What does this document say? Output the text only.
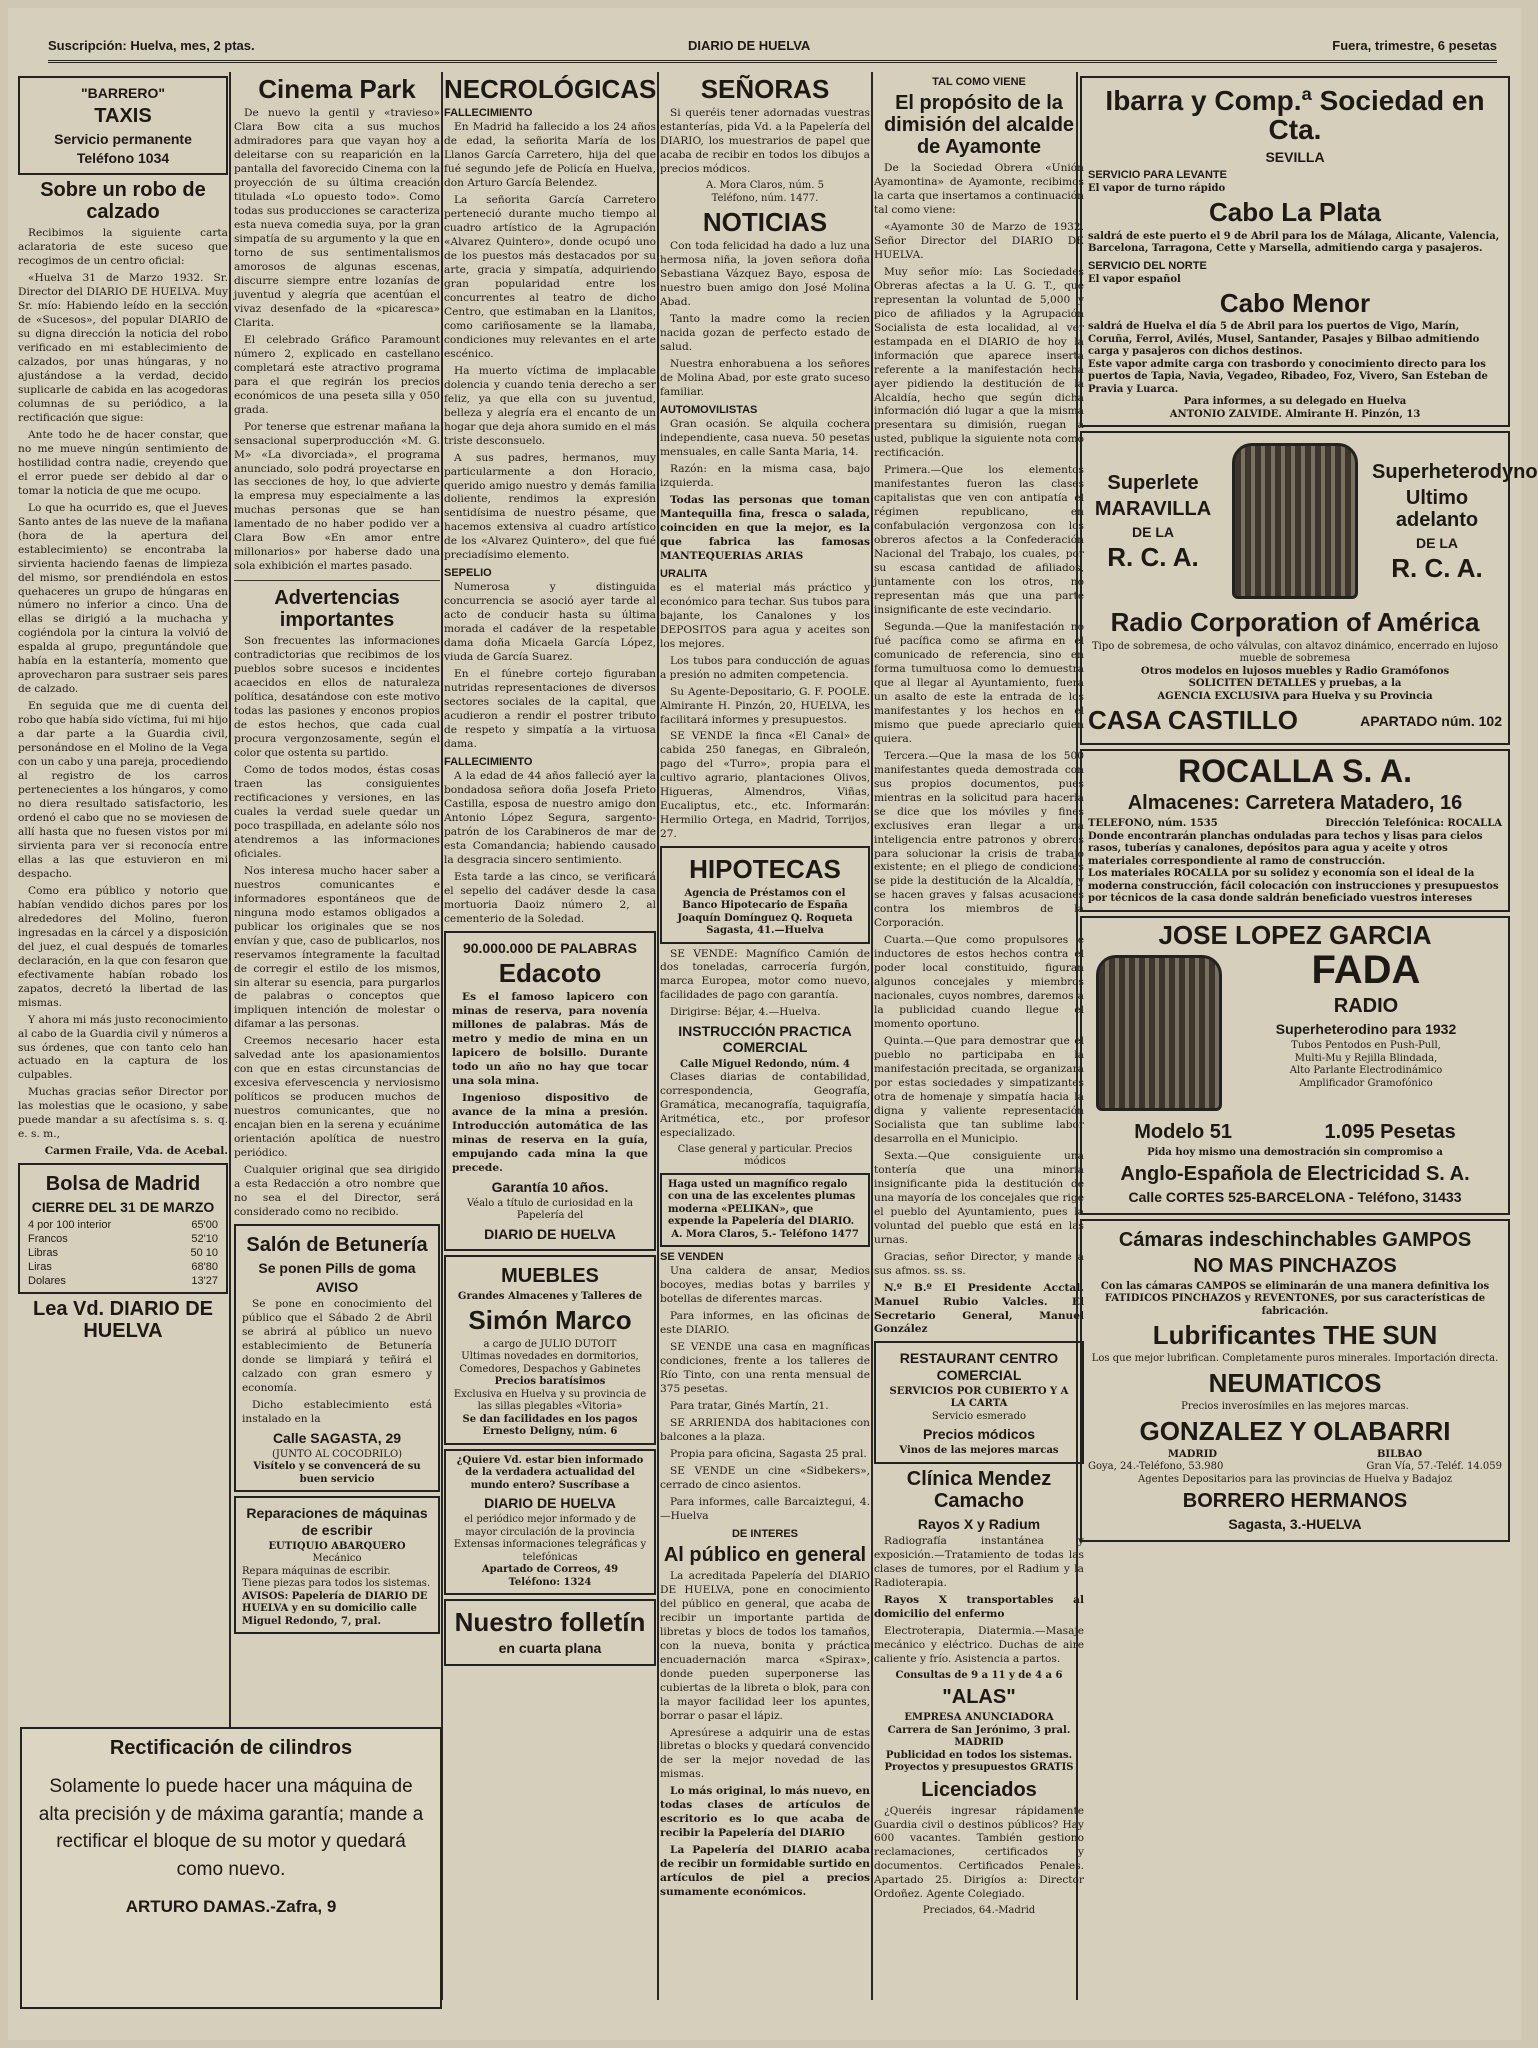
Suscripción: Huelva, mes, 2 ptas.	DIARIO DE HUELVA	Fuera, trimestre, 6 pesetas
"BARRERO"
TAXIS
Servicio permanente
Teléfono 1034
Sobre un robo de calzado

Recibimos la siguiente carta aclaratoria de este suceso que recogimos de un centro oficial:

«Huelva 31 de Marzo 1932. Sr. Director del DIARIO DE HUELVA. Muy Sr. mío: Habiendo leído en la sección de «Sucesos», del popular DIARIO de su digna dirección la noticia del robo verificado en mi establecimiento de calzados, por unas húngaras, y no ajustándose a la verdad, decido suplicarle de cabida en las acogedoras columnas de su periódico, a la rectificación que sigue:

Ante todo he de hacer constar, que no me mueve ningún sentimiento de hostilidad contra nadie, creyendo que el error puede ser debido al dar o tomar la noticia de que me ocupo.

Lo que ha ocurrido es, que el Jueves Santo antes de las nueve de la mañana (hora de la apertura del establecimiento) se encontraba la sirvienta haciendo faenas de limpieza del mismo, sor prendiéndola en estos quehaceres un grupo de húngaras en número no inferior a cinco. Una de ellas se dirigió a la muchacha y cogiéndola por la cintura la volvió de espalda al grupo, preguntándole que había en la estantería, momento que aprovecharon para sustraer seis pares de calzado.

En seguida que me di cuenta del robo que había sido víctima, fui mi hijo a dar parte a la Guardia civil, personándose en el Molino de la Vega con un cabo y una pareja, procediendo al registro de los carros pertenecientes a los húngaros, y como no diera resultado satisfactorio, les ordenó el cabo que no se moviesen de allí hasta que no fuesen vistos por mi sirvienta para ver si reconocía entre ellas a las que estuvieron en mi despacho.

Como era público y notorio que habían vendido dichos pares por los alrededores del Molino, fueron ingresadas en la cárcel y a disposición del juez, el cual después de tomarles declaración, en la que con fesaron que efectivamente habían robado los zapatos, decretó la libertad de las mismas.

Y ahora mi más justo reconocimiento al cabo de la Guardia civil y números a sus órdenes, que con tanto celo han actuado en la captura de los culpables.

Muchas gracias señor Director por las molestias que le ocasiono, y sabe puede mandar a su afectísima s. s. q. e. s. m.,

Carmen Fraile, Vda. de Acebal.

Bolsa de Madrid
CIERRE DEL 31 DE MARZO
4 por 100 interior	65'00
Francos	52'10
Libras	50 10
Liras	68'80
Dolares	13'27
Lea Vd. DIARIO DE HUELVA
Cinema Park

De nuevo la gentil y «travieso» Clara Bow cita a sus muchos admiradores para que vayan hoy a deleitarse con su reaparición en la pantalla del favorecido Cinema con la proyección de su última creación titulada «Lo opuesto todo». Como todas sus producciones se caracteriza esta nueva comedia suya, por la gran simpatía de su argumento y la que en torno de sus sentimentalismos amorosos de algunas escenas, discurre siempre entre lozanías de juventud y alegría que acentúan el vivaz desenfado de la «picaresca» Clarita.

El celebrado Gráfico Paramount número 2, explicado en castellano completará este atractivo programa para el que regirán los precios económicos de una peseta silla y 050 grada.

Por tenerse que estrenar mañana la sensacional superproducción «M. G. M» «La divorciada», el programa anunciado, solo podrá proyectarse en las secciones de hoy, lo que advierte la empresa muy especialmente a las muchas personas que se han lamentado de no haber podido ver a Clara Bow «En amor entre millonarios» por haberse dado una sola exhibición el martes pasado.

Advertencias importantes

Son frecuentes las informaciones contradictorias que recibimos de los pueblos sobre sucesos e incidentes acaecidos en ellos de naturaleza política, desatándose con este motivo todas las pasiones y enconos propios de estos hechos, que cada cual procura vergonzosamente, según el color que ostenta su partido.

Como de todos modos, éstas cosas traen las consiguientes rectificaciones y versiones, en las cuales la verdad suele quedar un poco traspillada, en adelante sólo nos atendremos a las informaciones oficiales.

Nos interesa mucho hacer saber a nuestros comunicantes e informadores espontáneos que de ninguna modo estamos obligados a publicar los originales que se nos envían y que, caso de publicarlos, nos reservamos íntegramente la facultad de corregir el estilo de los mismos, sin alterar su esencia, para purgarlos de palabras o conceptos que impliquen intención de molestar o difamar a las personas.

Creemos necesario hacer esta salvedad ante los apasionamientos con que en estas circunstancias de excesiva efervescencia y nerviosismo políticos se producen muchos de nuestros comunicantes, que no encajan bien en la serena y ecuánime orientación apolítica de nuestro periódico.

Cualquier original que sea dirigido a esta Redacción a otro nombre que no sea el del Director, será considerado como no recibido.

Salón de Betunería
Se ponen Pills de goma
AVISO

Se pone en conocimiento del público que el Sábado 2 de Abril se abrirá al público un nuevo establecimiento de Betunería donde se limpiará y teñirá el calzado con gran esmero y economía.

Dicho establecimiento está instalado en la

Calle SAGASTA, 29
(JUNTO AL COCODRILO)
Visítelo y se convencerá de su buen servicio
Reparaciones de máquinas de escribir
EUTIQUIO ABARQUERO
Mecánico
Repara máquinas de escribir.
Tiene piezas para todos los sistemas.
AVISOS: Papelería de DIARIO DE HUELVA y en su domicilio calle Miguel Redondo, 7, pral.
Rectificación de cilindros

Solamente lo puede hacer una máquina de alta precisión y de máxima garantía; mande a rectificar el bloque de su motor y quedará como nuevo.

ARTURO DAMAS.-Zafra, 9
NECROLÓGICAS
FALLECIMIENTO

En Madrid ha fallecido a los 24 años de edad, la señorita María de los Llanos García Carretero, hija del que fué segundo jefe de Policía en Huelva, don Arturo García Belendez.

La señorita García Carretero perteneció durante mucho tiempo al cuadro artístico de la Agrupación «Alvarez Quintero», donde ocupó uno de los puestos más destacados por su arte, gracia y simpatía, adquiriendo gran popularidad entre los concurrentes al teatro de dicho Centro, que estimaban en la Llanitos, como cariñosamente se la llamaba, condiciones muy relevantes en el arte escénico.

Ha muerto víctima de implacable dolencia y cuando tenia derecho a ser feliz, ya que ella con su juventud, belleza y alegría era el encanto de un hogar que deja ahora sumido en el más triste desconsuelo.

A sus padres, hermanos, muy particularmente a don Horacio, querido amigo nuestro y demás familia doliente, rendimos la expresión sentidísima de nuestro pésame, que hacemos extensiva al cuadro artístico de los «Alvarez Quintero», del que fué preciadísimo elemento.

SEPELIO

Numerosa y distinguida concurrencia se asoció ayer tarde al acto de conducir hasta su última morada el cadáver de la respetable dama doña Micaela García López, viuda de García Suarez.

En el fúnebre cortejo figuraban nutridas representaciones de diversos sectores sociales de la capital, que acudieron a rendir el postrer tributo de respeto y simpatía a la virtuosa dama.

FALLECIMIENTO

A la edad de 44 años falleció ayer la bondadosa señora doña Josefa Prieto Castilla, esposa de nuestro amigo don Antonio López Segura, sargento-patrón de los Carabineros de mar de esta Comandancia; habiendo causado la desgracia sincero sentimiento.

Esta tarde a las cinco, se verificará el sepelio del cadáver desde la casa mortuoria Daoiz número 2, al cementerio de la Soledad.

90.000.000 DE PALABRAS
Edacoto

Es el famoso lapicero con minas de reserva, para novenía millones de palabras. Más de metro y medio de mina en un lapicero de bolsillo. Durante todo un año no hay que tocar una sola mina.

Ingenioso dispositivo de avance de la mina a presión. Introducción automática de las minas de reserva en la guía, empujando cada mina la que precede.

Garantía 10 años.
Véalo a título de curiosidad en la Papelería del
DIARIO DE HUELVA
MUEBLES
Grandes Almacenes y Talleres de
Simón Marco
a cargo de JULIO DUTOIT
Ultimas novedades en dormitorios, Comedores, Despachos y Gabinetes
Precios baratísimos
Exclusiva en Huelva y su provincia de las sillas plegables «Vitoria»
Se dan facilidades en los pagos Ernesto Deligny, núm. 6
¿Quiere Vd. estar bien informado de la verdadera actualidad del mundo entero? Suscríbase a
DIARIO DE HUELVA
el periódico mejor informado y de mayor circulación de la provincia
Extensas informaciones telegráficas y telefónicas
Apartado de Correos, 49
Teléfono: 1324
Nuestro folletín
en cuarta plana
SEÑORAS

Si queréis tener adornadas vuestras estanterías, pida Vd. a la Papelería del DIARIO, los muestrarios de papel que acaba de recibir en todos los dibujos a precios módicos.

A. Mora Claros, núm. 5
Teléfono, núm. 1477.
NOTICIAS

Con toda felicidad ha dado a luz una hermosa niña, la joven señora doña Sebastiana Vázquez Bayo, esposa de nuestro buen amigo don José Molina Abad.

Tanto la madre como la recien nacida gozan de perfecto estado de salud.

Nuestra enhorabuena a los señores de Molina Abad, por este grato suceso familiar.

AUTOMOVILISTAS

Gran ocasión. Se alquila cochera independiente, casa nueva. 50 pesetas mensuales, en calle Santa Maria, 14.

Razón: en la misma casa, bajo izquierda.

Todas las personas que toman Mantequilla fina, fresca o salada, coinciden en que la mejor, es la que fabrica las famosas MANTEQUERIAS ARIAS

URALITA

es el material más práctico y económico para techar. Sus tubos para bajante, los Canalones y los DEPOSITOS para agua y aceites son los mejores.

Los tubos para conducción de aguas a presión no admiten competencia.

Su Agente-Depositario, G. F. POOLE. Almirante H. Pinzón, 20, HUELVA, les facilitará informes y presupuestos.

SE VENDE la finca «El Canal» de cabida 250 fanegas, en Gibraleón, pago del «Turro», propia para el cultivo agrario, plantaciones Olivos, Higueras, Almendros, Viñas, Eucaliptus, etc., etc. Informarán: Hermilio Ortega, en Madrid, Torrijos, 27.

HIPOTECAS
Agencia de Préstamos con el
Banco Hipotecario de España
Joaquín Domínguez Q. Roqueta
Sagasta, 41.—Huelva

SE VENDE: Magnífico Camión de dos toneladas, carrocería furgón, marca Europea, motor como nuevo, facilidades de pago con garantía.

Dirigirse: Béjar, 4.—Huelva.

INSTRUCCIÓN PRACTICA COMERCIAL
Calle Miguel Redondo, núm. 4

Clases diarias de contabilidad, correspondencia, Geografía, Gramática, mecanografía, taquigrafía, Aritmética, etc., por profesor especializado.

Clase general y particular. Precios módicos
Haga usted un magnífico regalo con una de las excelentes plumas moderna «PELIKAN», que expende la Papelería del DIARIO.
A. Mora Claros, 5.- Teléfono 1477
SE VENDEN

Una caldera de ansar, Medios bocoyes, medias botas y barriles y botellas de diferentes marcas.

Para informes, en las oficinas de este DIARIO.

SE VENDE una casa en magníficas condiciones, frente a los talleres de Río Tinto, con una renta mensual de 375 pesetas.

Para tratar, Ginés Martín, 21.

SE ARRIENDA dos habitaciones con balcones a la plaza.

Propia para oficina, Sagasta 25 pral.

SE VENDE un cine «Sidbekers», cerrado de cinco asientos.

Para informes, calle Barcaiztegui, 4.—Huelva

DE INTERES
Al público en general

La acreditada Papelería del DIARIO DE HUELVA, pone en conocimiento del público en general, que acaba de recibir un importante partida de libretas y blocs de todos los tamaños, con la nueva, bonita y práctica encuadernación marca «Spirax», donde pueden superponerse las cubiertas de la libreta o blok, para con la mayor facilidad leer los apuntes, borrar o pasar el lápiz.

Apresúrese a adquirir una de estas libretas o blocks y quedará convencido de ser la mejor novedad de las mismas.

Lo más original, lo más nuevo, en todas clases de artículos de escritorio es lo que acaba de recibir la Papelería del DIARIO

La Papelería del DIARIO acaba de recibir un formidable surtido en artículos de piel a precios sumamente económicos.

TAL COMO VIENE
El propósito de la dimisión del alcalde de Ayamonte

De la Sociedad Obrera «Unión Ayamontina» de Ayamonte, recibimos la carta que insertamos a continuación tal como viene:

«Ayamonte 30 de Marzo de 1932. Señor Director del DIARIO DE HUELVA.

Muy señor mío: Las Sociedades Obreras afectas a la U. G. T., que representan la voluntad de 5,000 y pico de afiliados y la Agrupación Socialista de esta localidad, al ver estampada en el DIARIO de hoy la información que aparece inserta referente a la manifestación hecha ayer pidiendo la destitución de la Alcaldía, hecho que según dicha información dió lugar a que la misma presentara su dimisión, ruegan a usted, publique la siguiente nota como rectificación.

Primera.—Que los elementos manifestantes fueron las clases capitalistas que ven con antipatía el régimen republicano, en confabulación vergonzosa con los obreros afectos a la Confederación Nacional del Trabajo, los cuales, por su escasa cantidad de afiliados, juntamente con los otros, no representan más que una parte insignificante de este vecindario.

Segunda.—Que la manifestación no fué pacífica como se afirma en el comunicado de referencia, sino en forma tumultuosa como lo demuestra que al llegar al Ayuntamiento, fuera un asalto de este la entrada de los manifestantes y los hechos en el mismo que puede apreciarlo quien quiera.

Tercera.—Que la masa de los 500 manifestantes queda demostrada con sus propios documentos, pues mientras en la solicitud para hacerla se dice que los móviles y fines exclusives eran llegar a una inteligencia entre patronos y obreros para solucionar la crisis de trabajo existente; en el pliego de condiciones se pide la destitución de la Alcaldía, y se hacen graves y falsas acusaciones contra los miembros de la Corporación.

Cuarta.—Que como propulsores e inductores de estos hechos contra el poder local constituido, figuran algunos concejales y miembros nacionales, cuyos nombres, daremos a la publicidad cuando llegue el momento oportuno.

Quinta.—Que para demostrar que el pueblo no participaba en la manifestación precitada, se organizará por estas sociedades y simpatizantes otra de homenaje y simpatía hacia la digna y valiente representación Socialista que tan sublime labor desarrolla en el Municipio.

Sexta.—Que consiguiente una tontería que una minoría insignificante pida la destitución de una mayoría de los concejales que rige el pueblo del Ayuntamiento, pues la voluntad del pueblo que está en las urnas.

Gracias, señor Director, y mande a sus afmos. ss. ss.

N.º B.º El Presidente Acctal. Manuel Rubio Valcles. El Secretario General, Manuel González

RESTAURANT CENTRO COMERCIAL
SERVICIOS POR CUBIERTO Y A LA CARTA
Servicio esmerado
Precios módicos
Vinos de las mejores marcas
Clínica Mendez Camacho
Rayos X y Radium

Radiografía instantánea y exposición.—Tratamiento de todas las clases de tumores, por el Radium y la Radioterapia.

Rayos X transportables al domicilio del enfermo

Electroterapia, Diatermia.—Masaje mecánico y eléctrico. Duchas de aire caliente y frío. Asistencia a partos.

Consultas de 9 a 11 y de 4 a 6
"ALAS"
EMPRESA ANUNCIADORA
Carrera de San Jerónimo, 3 pral.
MADRID
Publicidad en todos los sistemas. Proyectos y presupuestos GRATIS
Licenciados

¿Queréis ingresar rápidamente Guardia civil o destinos públicos? Hay 600 vacantes. También gestiono reclamaciones, certificados y documentos. Certificados Penales. Apartado 25. Dirigíos a: Director Ordoñez. Agente Colegiado.

Preciados, 64.-Madrid
Ibarra y Comp.ª Sociedad en Cta.
SEVILLA
SERVICIO PARA LEVANTE
El vapor de turno rápido
Cabo La Plata
saldrá de este puerto el 9 de Abril para los de Málaga, Alicante, Valencia, Barcelona, Tarragona, Cette y Marsella, admitiendo carga y pasajeros.
SERVICIO DEL NORTE
El vapor español
Cabo Menor
saldrá de Huelva el día 5 de Abril para los puertos de Vigo, Marín, Coruña, Ferrol, Avilés, Musel, Santander, Pasajes y Bilbao admitiendo carga y pasajeros con dichos destinos.
Este vapor admite carga con trasbordo y conocimiento directo para los puertos de Tapia, Navia, Vegadeo, Ribadeo, Foz, Vivero, San Esteban de Pravia y Luarca.
Para informes, a su delegado en Huelva
ANTONIO ZALVIDE. Almirante H. Pinzón, 13
Superlete
MARAVILLA
DE LA
R. C. A.
Superheterodyno
Ultimo adelanto
DE LA
R. C. A.
Radio Corporation of América
Tipo de sobremesa, de ocho válvulas, con altavoz dinámico, encerrado en lujoso mueble de sobremesa
Otros modelos en lujosos muebles y Radio Gramófonos
SOLICITEN DETALLES y pruebas, a la
AGENCIA EXCLUSIVA para Huelva y su Provincia
CASA CASTILLO	APARTADO núm. 102
ROCALLA S. A.
Almacenes: Carretera Matadero, 16
TELEFONO, núm. 1535	Dirección Telefónica: ROCALLA
Donde encontrarán planchas onduladas para techos y lisas para cielos rasos, tuberías y canalones, depósitos para agua y aceite y otros materiales correspondiente al ramo de construcción.
Los materiales ROCALLA por su solidez y economía son el ideal de la moderna construcción, fácil colocación con instrucciones y presupuestos por técnicos de la casa donde saldrán beneficiado vuestros intereses
JOSE LOPEZ GARCIA
FADA
RADIO
Superheterodino para 1932
Tubos Pentodos en Push-Pull,
Multi-Mu y Rejilla Blindada,
Alto Parlante Electrodinámico
Amplificador Gramofónico
Modelo 51	1.095 Pesetas
Pida hoy mismo una demostración sin compromiso a
Anglo-Española de Electricidad S. A.
Calle CORTES 525-BARCELONA - Teléfono, 31433
Cámaras indeschinchables GAMPOS
NO MAS PINCHAZOS
Con las cámaras CAMPOS se eliminarán de una manera definitiva los FATIDICOS PINCHAZOS y REVENTONES, por sus características de fabricación.
Lubrificantes THE SUN
Los que mejor lubrifican. Completamente puros minerales. Importación directa.
NEUMATICOS
Precios inverosímiles en las mejores marcas.
GONZALEZ Y OLABARRI
MADRID	BILBAO
Goya, 24.-Teléfono, 53.980	Gran Vía, 57.-Teléf. 14.059
Agentes Depositarios para las provincias de Huelva y Badajoz
BORRERO HERMANOS
Sagasta, 3.-HUELVA
